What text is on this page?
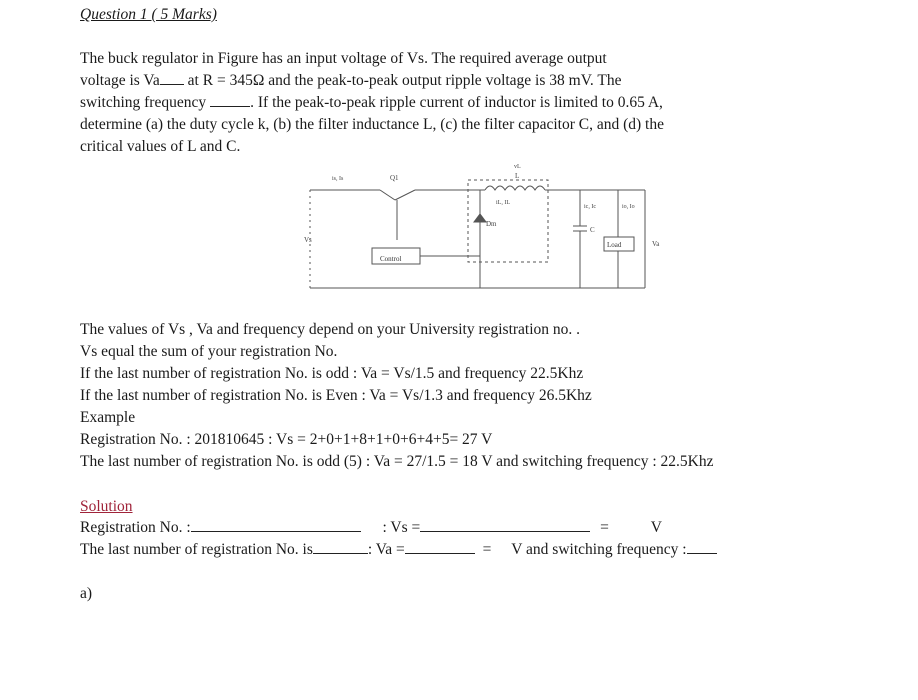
Question 1 ( 5 Marks)
The buck regulator in Figure has an input voltage of Vs. The required average output
voltage is Va at R = 345Ω and the peak-to-peak output ripple voltage is 38 mV. The
switching frequency	. If the peak-to-peak ripple current of inductor is limited to 0.65 A,
determine (a) the duty cycle k, (b) the filter inductance L, (c) the filter capacitor C, and (d) the
critical values of L and C.
Control
Load
Vs
Q1	L
Dm
C
Va
vL
is, Is
iL, IL
ic, Ic	io, Io
The values of Vs , Va and frequency depend on your University registration no. .
Vs equal the sum of your registration No.
If the last number of registration No. is odd : Va = Vs/1.5 and frequency 22.5Khz
If the last number of registration No. is Even : Va = Vs/1.3 and frequency 26.5Khz
Example
Registration No. : 201810645 : Vs = 2+0+1+8+1+0+6+4+5= 27 V
The last number of registration No. is odd (5) : Va = 27/1.5 = 18 V and switching frequency : 22.5Khz
Solution
Registration No. :	: Vs =	=	V
The last number of registration No. is	: Va =	= V and switching frequency :
a)
